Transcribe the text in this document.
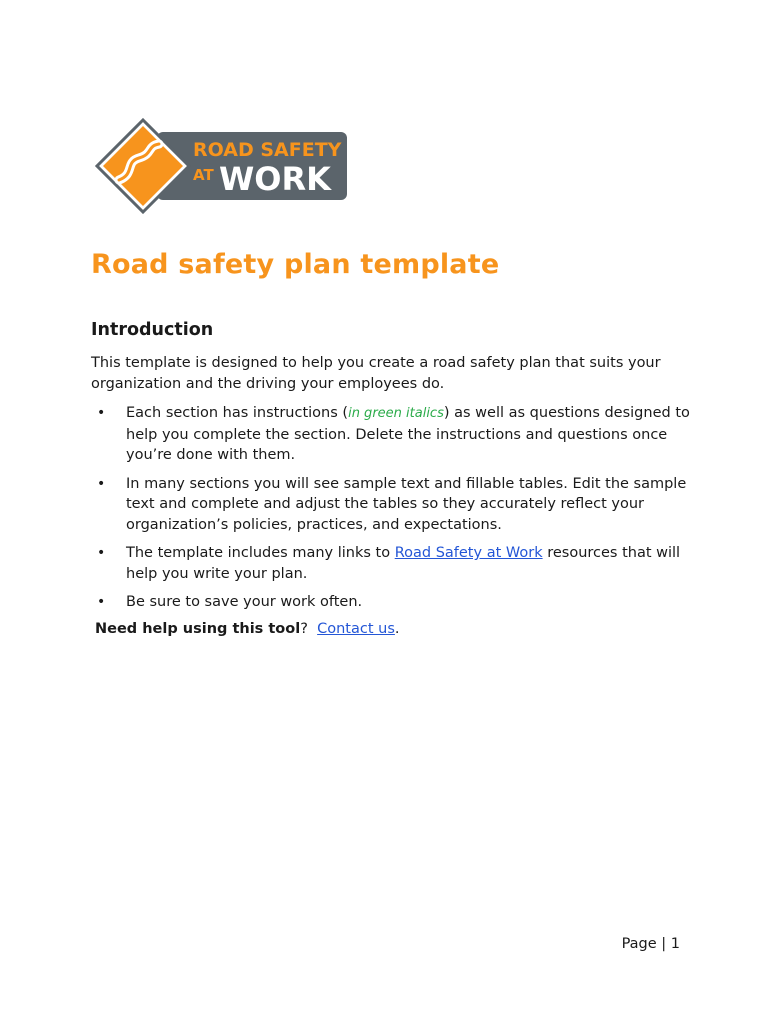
ROAD SAFETY
AT WORK
Road safety plan template
Introduction

This template is designed to help you create a road safety plan that suits your organization and the driving your employees do.

• Each section has instructions (in green italics) as well as questions designed to help you complete the section. Delete the instructions and questions once you’re done with them.
• In many sections you will see sample text and fillable tables. Edit the sample text and complete and adjust the tables so they accurately reflect your organization’s policies, practices, and expectations.
• The template includes many links to Road Safety at Work resources that will help you write your plan.
• Be sure to save your work often.

Need help using this tool?  Contact us.

Page | 1
